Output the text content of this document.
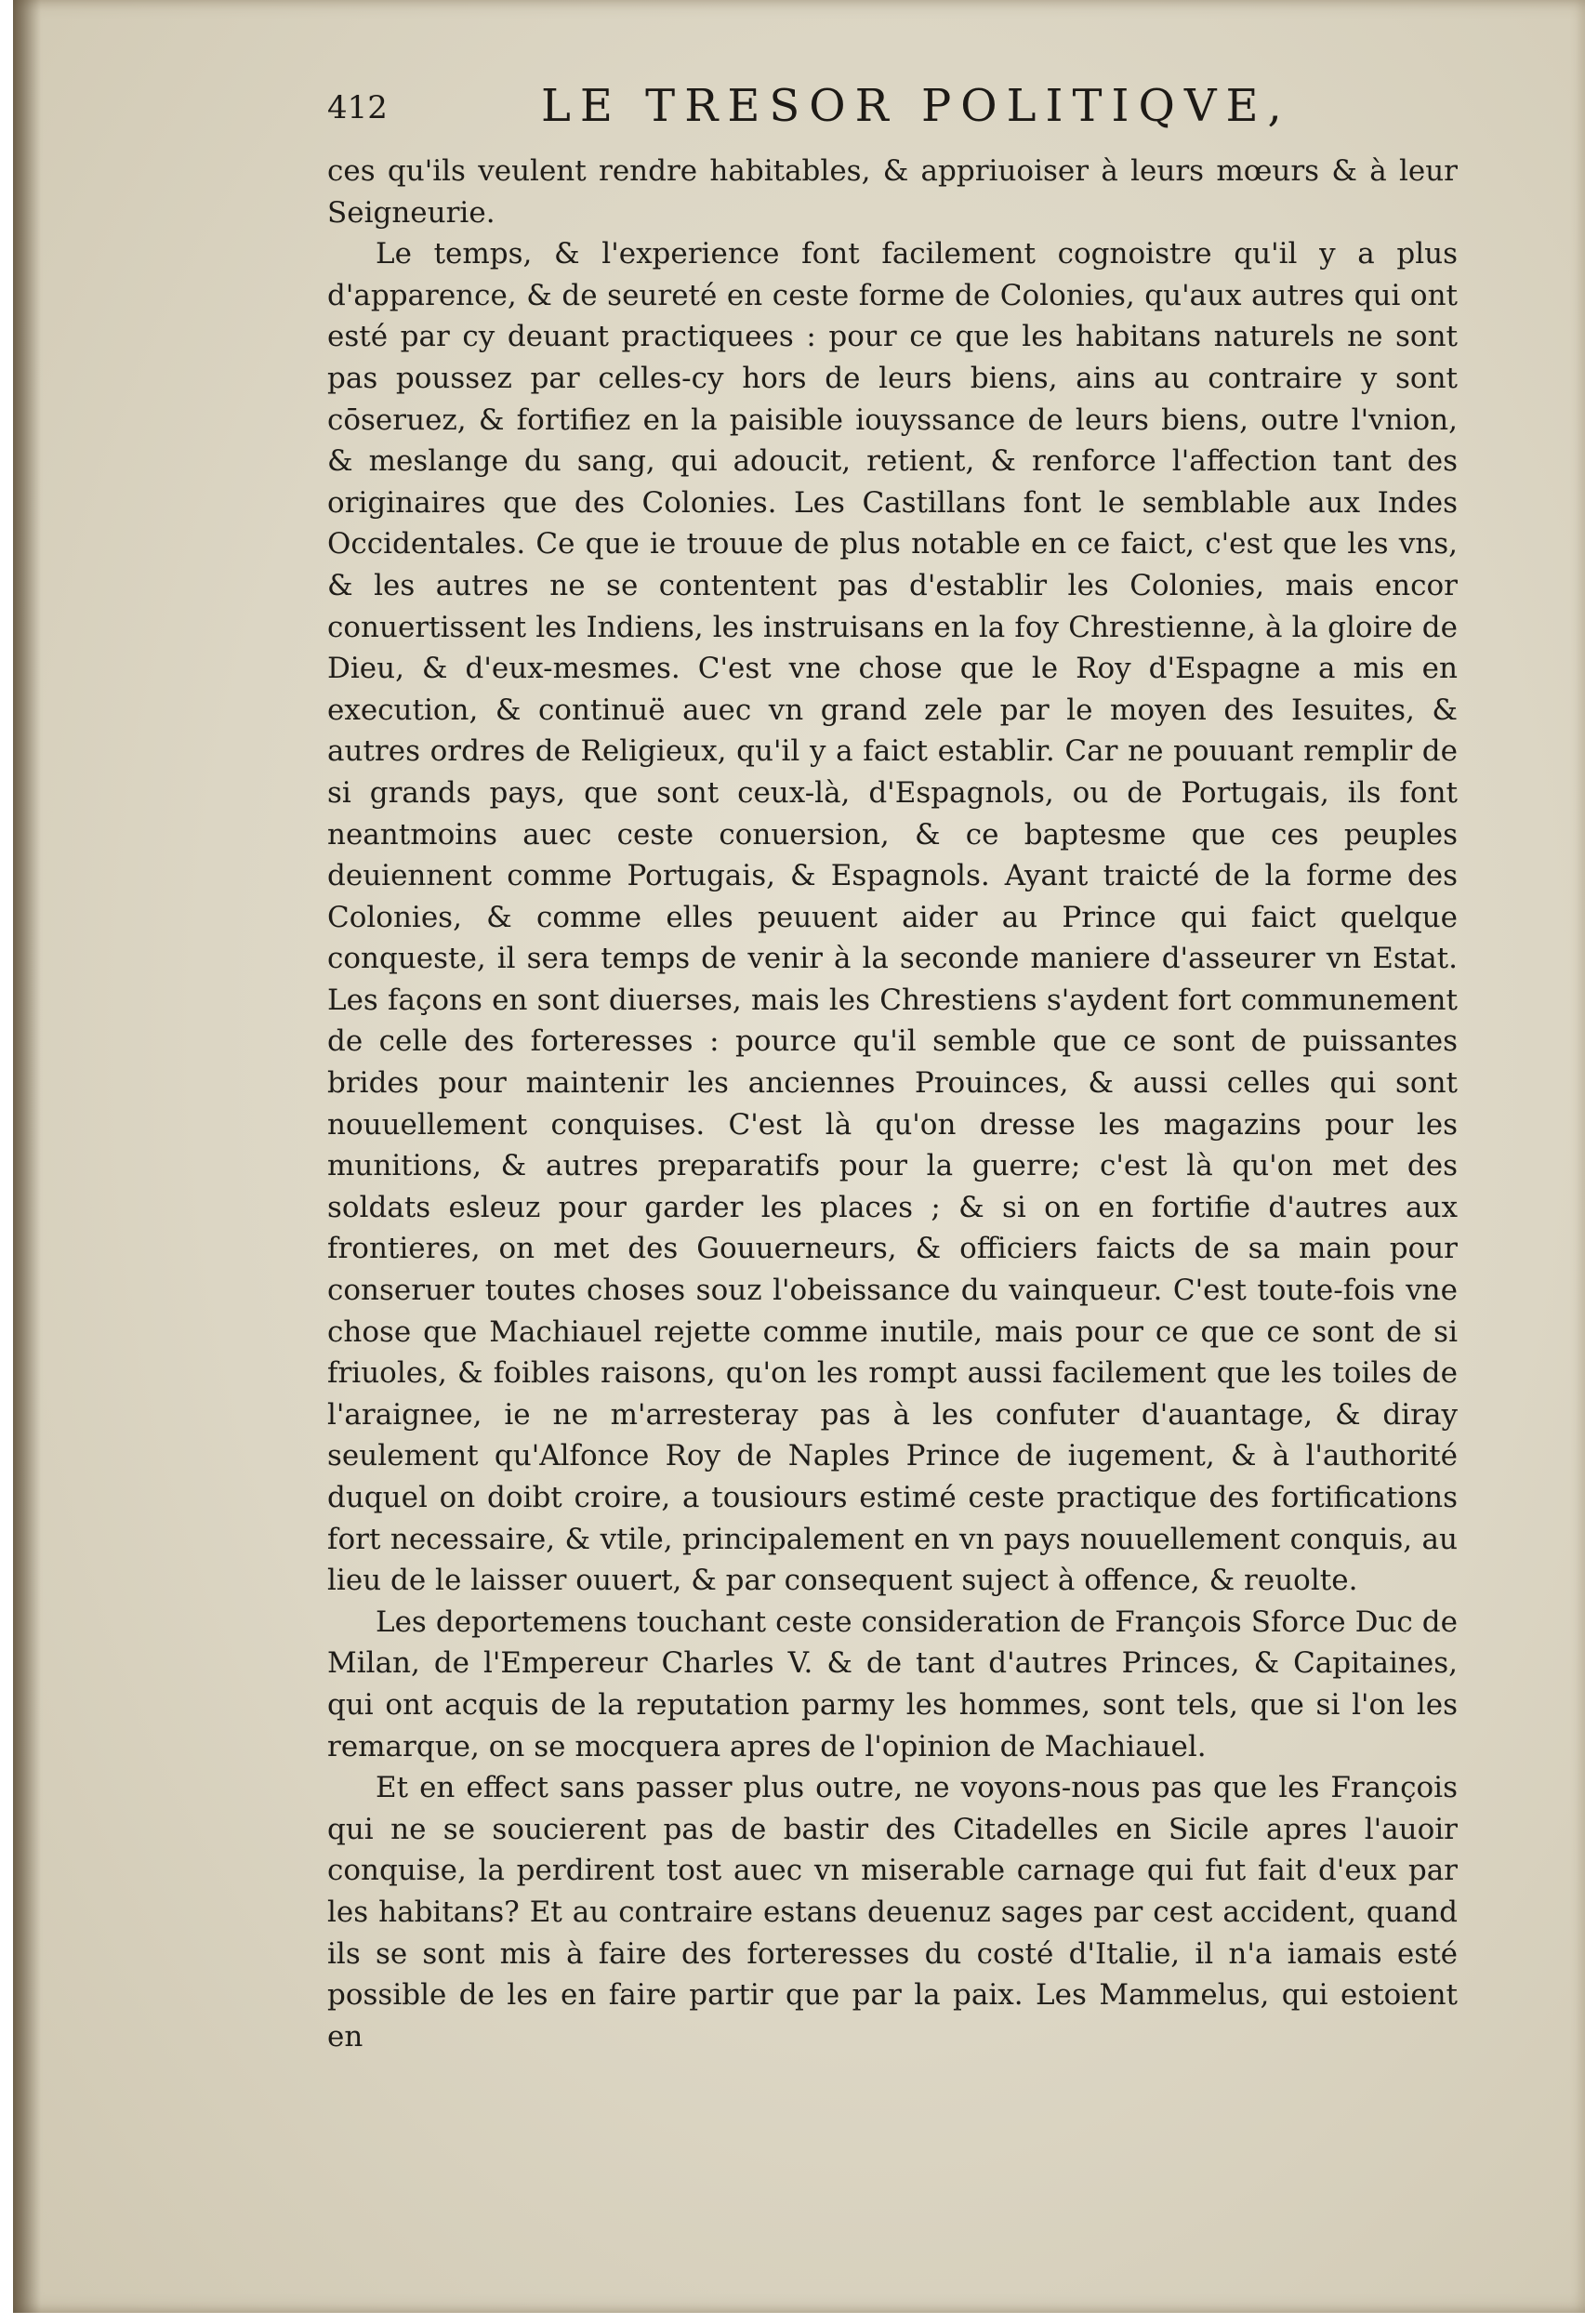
412	LE TRESOR POLITIQVE,

ces qu'ils veulent rendre habitables, & appriuoiser à leurs mœurs & à leur Seigneurie.

Le temps, & l'experience font facilement cognoistre qu'il y a plus d'apparence, & de seureté en ceste forme de Colonies, qu'aux autres qui ont esté par cy deuant practiquees : pour ce que les habitans naturels ne sont pas poussez par celles-cy hors de leurs biens, ains au contraire y sont cōseruez, & fortifiez en la paisible iouyssance de leurs biens, outre l'vnion, & meslange du sang, qui adoucit, retient, & renforce l'affection tant des originaires que des Colonies. Les Castillans font le semblable aux Indes Occidentales. Ce que ie trouue de plus notable en ce faict, c'est que les vns, & les autres ne se contentent pas d'establir les Colonies, mais encor conuertissent les Indiens, les instruisans en la foy Chrestienne, à la gloire de Dieu, & d'eux-mesmes. C'est vne chose que le Roy d'Espagne a mis en execution, & continuë auec vn grand zele par le moyen des Iesuites, & autres ordres de Religieux, qu'il y a faict establir. Car ne pouuant remplir de si grands pays, que sont ceux-là, d'Espagnols, ou de Portugais, ils font neantmoins auec ceste conuersion, & ce baptesme que ces peuples deuiennent comme Portugais, & Espagnols. Ayant traicté de la forme des Colonies, & comme elles peuuent aider au Prince qui faict quelque conqueste, il sera temps de venir à la seconde maniere d'asseurer vn Estat. Les façons en sont diuerses, mais les Chrestiens s'aydent fort communement de celle des forteresses : pource qu'il semble que ce sont de puissantes brides pour maintenir les anciennes Prouinces, & aussi celles qui sont nouuellement conquises. C'est là qu'on dresse les magazins pour les munitions, & autres preparatifs pour la guerre; c'est là qu'on met des soldats esleuz pour garder les places ; & si on en fortifie d'autres aux frontieres, on met des Gouuerneurs, & officiers faicts de sa main pour conseruer toutes choses souz l'obeissance du vainqueur. C'est toute-fois vne chose que Machiauel rejette comme inutile, mais pour ce que ce sont de si friuoles, & foibles raisons, qu'on les rompt aussi facilement que les toiles de l'araignee, ie ne m'arresteray pas à les confuter d'auantage, & diray seulement qu'Alfonce Roy de Naples Prince de iugement, & à l'authorité duquel on doibt croire, a tousiours estimé ceste practique des fortifications fort necessaire, & vtile, principalement en vn pays nouuellement conquis, au lieu de le laisser ouuert, & par consequent suject à offence, & reuolte.

Les deportemens touchant ceste consideration de François Sforce Duc de Milan, de l'Empereur Charles V. & de tant d'autres Princes, & Capitaines, qui ont acquis de la reputation parmy les hommes, sont tels, que si l'on les remarque, on se mocquera apres de l'opinion de Machiauel.

Et en effect sans passer plus outre, ne voyons-nous pas que les François qui ne se soucierent pas de bastir des Citadelles en Sicile apres l'auoir conquise, la perdirent tost auec vn miserable carnage qui fut fait d'eux par les habitans? Et au contraire estans deuenuz sages par cest accident, quand ils se sont mis à faire des forteresses du costé d'Italie, il n'a iamais esté possible de les en faire partir que par la paix. Les Mammelus, qui estoient en
